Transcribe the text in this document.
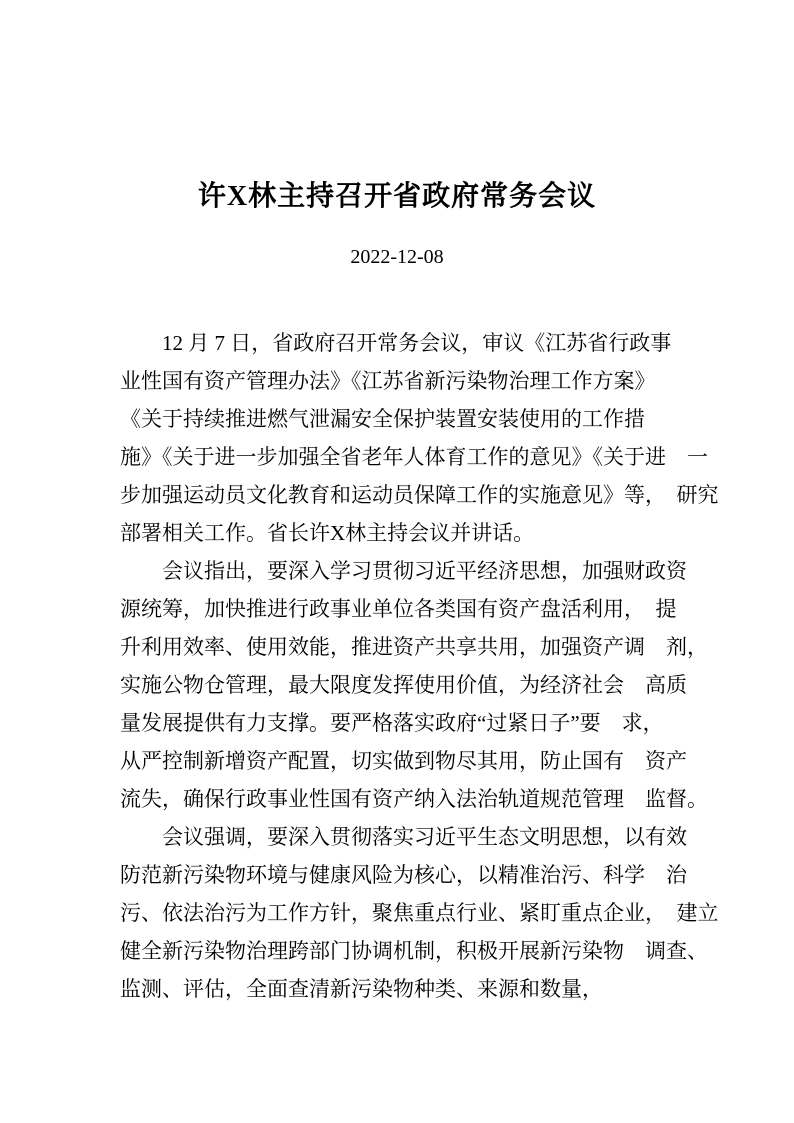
许X林主持召开省政府常务会议
2022-12-08
12 月 7 日，省政府召开常务会议，审议《江苏省行政事
业性国有资产管理办法》《江苏省新污染物治理工作方案》
《关于持续推进燃气泄漏安全保护装置安装使用的工作措
施》《关于进一步加强全省老年人体育工作的意见》《关于进　一
步加强运动员文化教育和运动员保障工作的实施意见》等，　研究
部署相关工作。省长许X林主持会议并讲话。
会议指出，要深入学习贯彻习近平经济思想，加强财政资
源统筹，加快推进行政事业单位各类国有资产盘活利用，　提
升利用效率、使用效能，推进资产共享共用，加强资产调　剂，
实施公物仓管理，最大限度发挥使用价值，为经济社会　高质
量发展提供有力支撑。要严格落实政府“过紧日子”要　求，
从严控制新增资产配置，切实做到物尽其用，防止国有　资产
流失，确保行政事业性国有资产纳入法治轨道规范管理　监督。
会议强调，要深入贯彻落实习近平生态文明思想，以有效
防范新污染物环境与健康风险为核心，以精准治污、科学　治
污、依法治污为工作方针，聚焦重点行业、紧盯重点企业，　建立
健全新污染物治理跨部门协调机制，积极开展新污染物　调查、
监测、评估，全面查清新污染物种类、来源和数量，
